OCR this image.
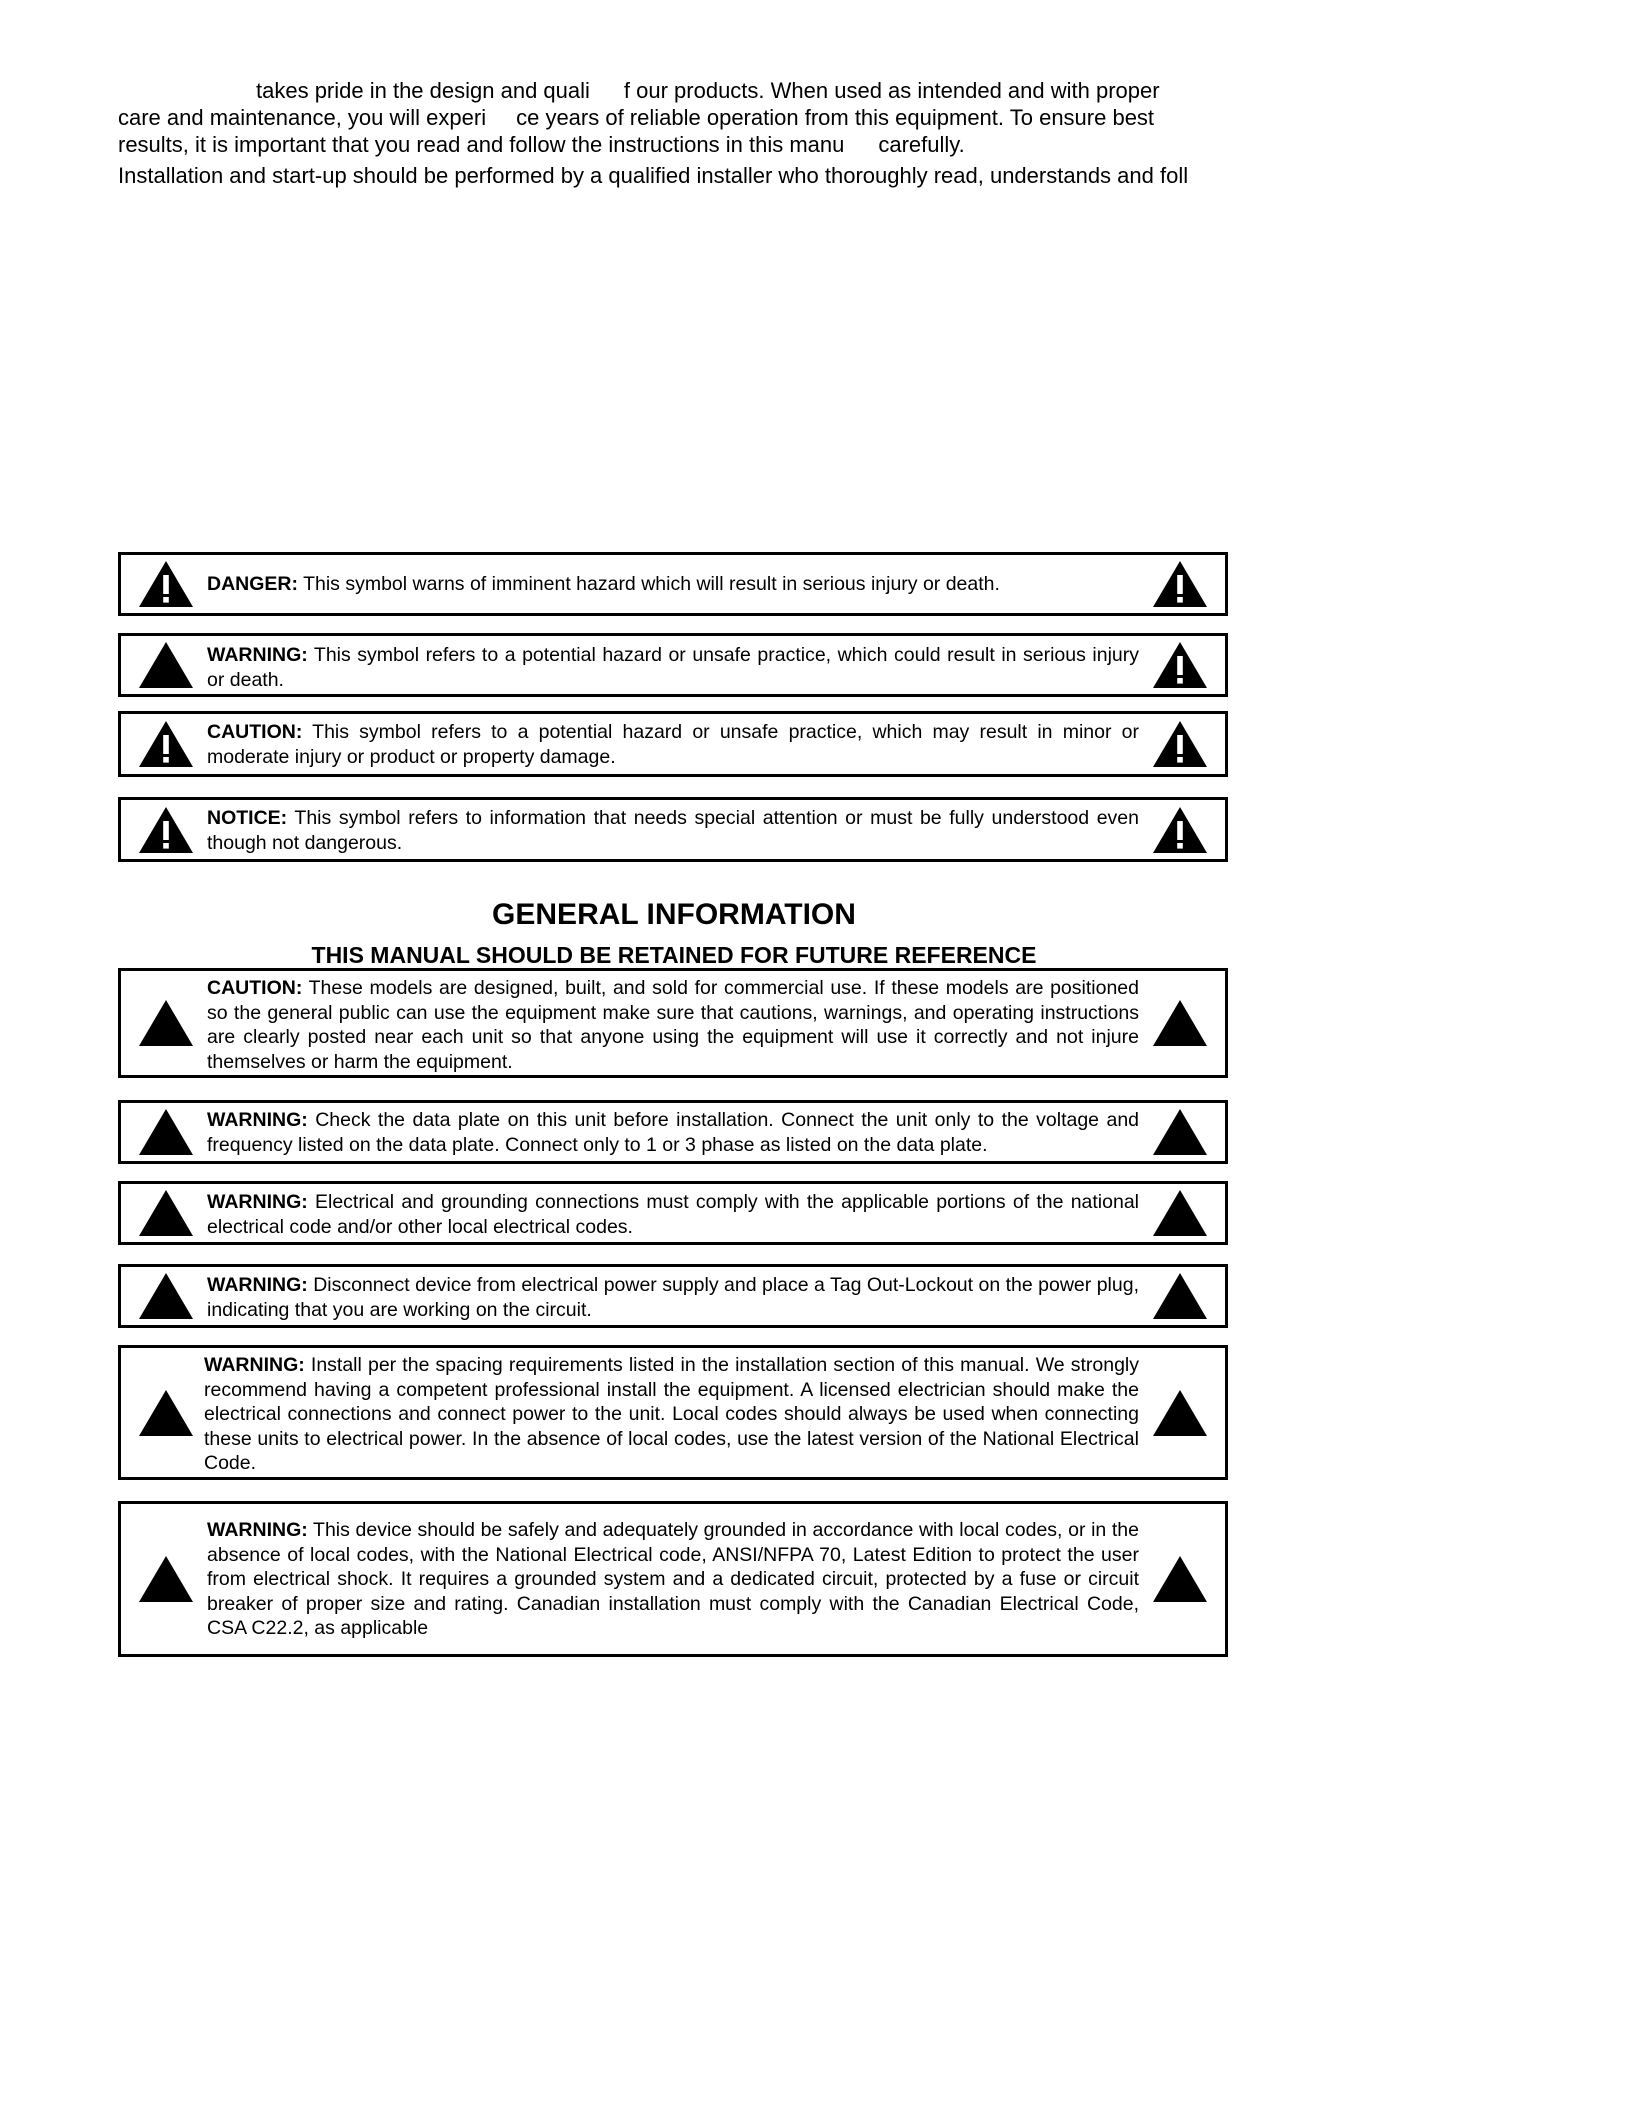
takes pride in the design and quali f our products. When used as intended and with proper
care and maintenance, you will experi ce years of reliable operation from this equipment. To ensure best
results, it is important that you read and follow the instructions in this manu carefully.
Installation and start-up should be performed by a qualified installer who thoroughly read, understands and foll
DANGER: This symbol warns of imminent hazard which will result in serious injury or death.
WARNING: This symbol refers to a potential hazard or unsafe practice, which could result in serious injury or death.
CAUTION: This symbol refers to a potential hazard or unsafe practice, which may result in minor or moderate injury or product or property damage.
NOTICE: This symbol refers to information that needs special attention or must be fully understood even though not dangerous.
GENERAL INFORMATION
THIS MANUAL SHOULD BE RETAINED FOR FUTURE REFERENCE
CAUTION: These models are designed, built, and sold for commercial use. If these models are positioned so the general public can use the equipment make sure that cautions, warnings, and operating instructions are clearly posted near each unit so that anyone using the equipment will use it correctly and not injure themselves or harm the equipment.
WARNING: Check the data plate on this unit before installation. Connect the unit only to the voltage and frequency listed on the data plate. Connect only to 1 or 3 phase as listed on the data plate.
WARNING: Electrical and grounding connections must comply with the applicable portions of the national electrical code and/or other local electrical codes.
WARNING: Disconnect device from electrical power supply and place a Tag Out-Lockout on the power plug, indicating that you are working on the circuit.
WARNING: Install per the spacing requirements listed in the installation section of this manual. We strongly recommend having a competent professional install the equipment. A licensed electrician should make the electrical connections and connect power to the unit. Local codes should always be used when connecting these units to electrical power. In the absence of local codes, use the latest version of the National Electrical Code.
WARNING: This device should be safely and adequately grounded in accordance with local codes, or in the absence of local codes, with the National Electrical code, ANSI/NFPA 70, Latest Edition to protect the user from electrical shock. It requires a grounded system and a dedicated circuit, protected by a fuse or circuit breaker of proper size and rating. Canadian installation must comply with the Canadian Electrical Code, CSA C22.2, as applicable
